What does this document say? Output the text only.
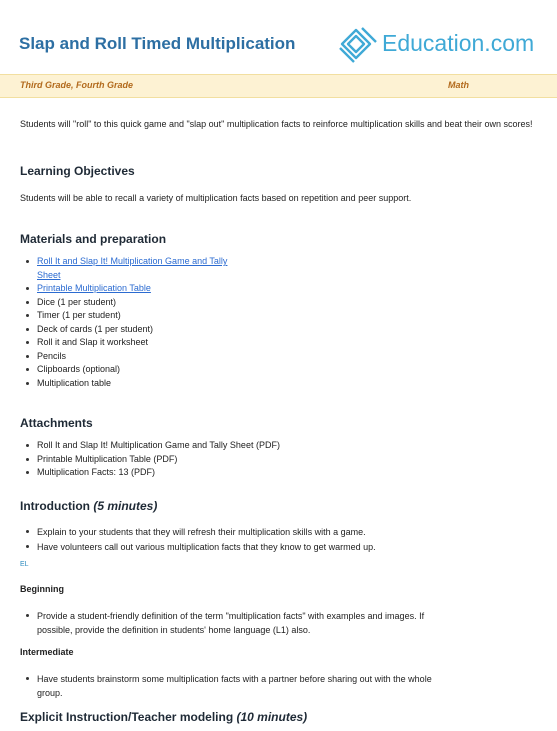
Slap and Roll Timed Multiplication	Education.com
Third Grade, Fourth Grade	Math

Students will "roll" to this quick game and "slap out" multiplication facts to reinforce multiplication skills and beat their own scores!

Learning Objectives

Students will be able to recall a variety of multiplication facts based on repetition and peer support.

Materials and preparation
Roll It and Slap It! Multiplication Game and Tally
Sheet
Printable Multiplication Table
Dice (1 per student)
Timer (1 per student)
Deck of cards (1 per student)
Roll it and Slap it worksheet
Pencils
Clipboards (optional)
Multiplication table
Attachments
Roll It and Slap It! Multiplication Game and Tally Sheet (PDF)
Printable Multiplication Table (PDF)
Multiplication Facts: 13 (PDF)
Introduction (5 minutes)
Explain to your students that they will refresh their multiplication skills with a game.
Have volunteers call out various multiplication facts that they know to get warmed up.
EL
Beginning
Provide a student-friendly definition of the term "multiplication facts" with examples and images. If
possible, provide the definition in students' home language (L1) also.
Intermediate
Have students brainstorm some multiplication facts with a partner before sharing out with the whole
group.
Explicit Instruction/Teacher modeling (10 minutes)
